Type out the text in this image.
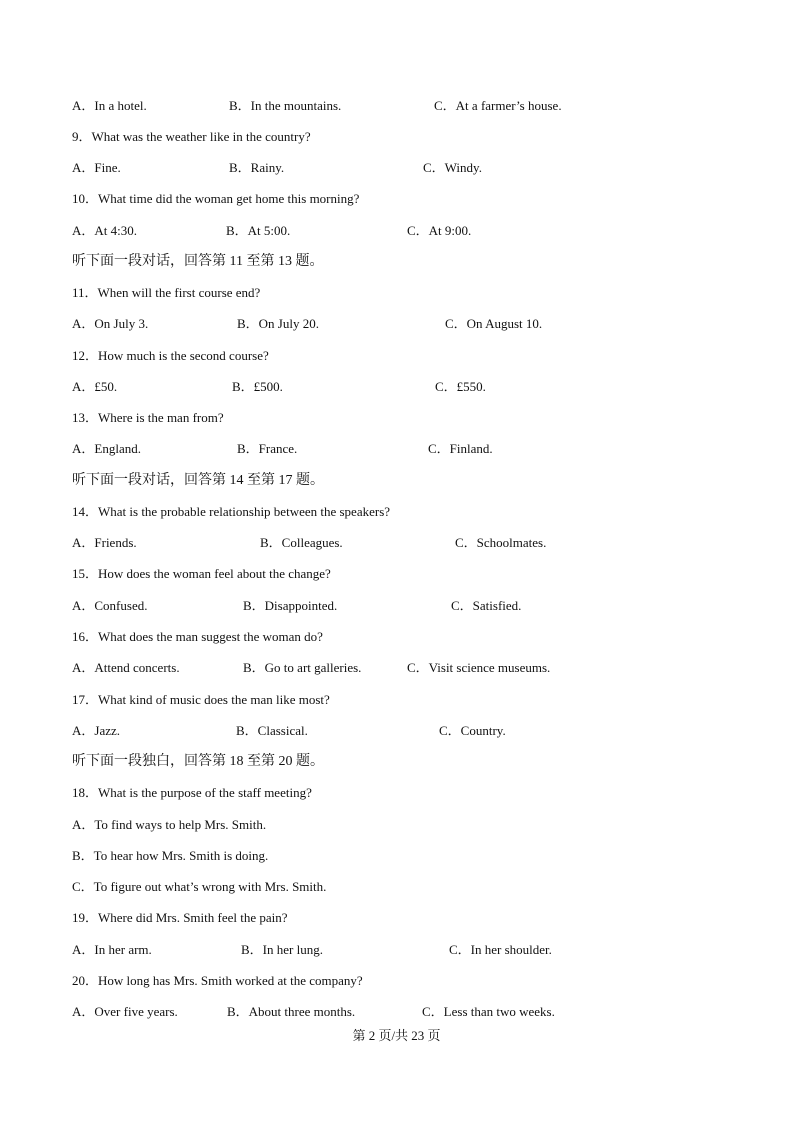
A．In a hotel.	B．In the mountains.	C．At a farmer’s house.
9．What was the weather like in the country?
A．Fine.	B．Rainy.	C．Windy.
10．What time did the woman get home this morning?
A．At 4:30.	B．At 5:00.	C．At 9:00.
听下面一段对话，回答第 11 至第 13 题。
11．When will the first course end?
A．On July 3.	B．On July 20.	C．On August 10.
12．How much is the second course?
A．£50.	B．£500.	C．£550.
13．Where is the man from?
A．England.	B．France.	C．Finland.
听下面一段对话，回答第 14 至第 17 题。
14．What is the probable relationship between the speakers?
A．Friends.	B．Colleagues.	C．Schoolmates.
15．How does the woman feel about the change?
A．Confused.	B．Disappointed.	C．Satisfied.
16．What does the man suggest the woman do?
A．Attend concerts.	B．Go to art galleries.	C．Visit science museums.
17．What kind of music does the man like most?
A．Jazz.	B．Classical.	C．Country.
听下面一段独白，回答第 18 至第 20 题。
18．What is the purpose of the staff meeting?
A．To find ways to help Mrs. Smith.
B．To hear how Mrs. Smith is doing.
C．To figure out what’s wrong with Mrs. Smith.
19．Where did Mrs. Smith feel the pain?
A．In her arm.	B．In her lung.	C．In her shoulder.
20．How long has Mrs. Smith worked at the company?
A．Over five years.	B．About three months.	C．Less than two weeks.
第 2 页/共 23 页
